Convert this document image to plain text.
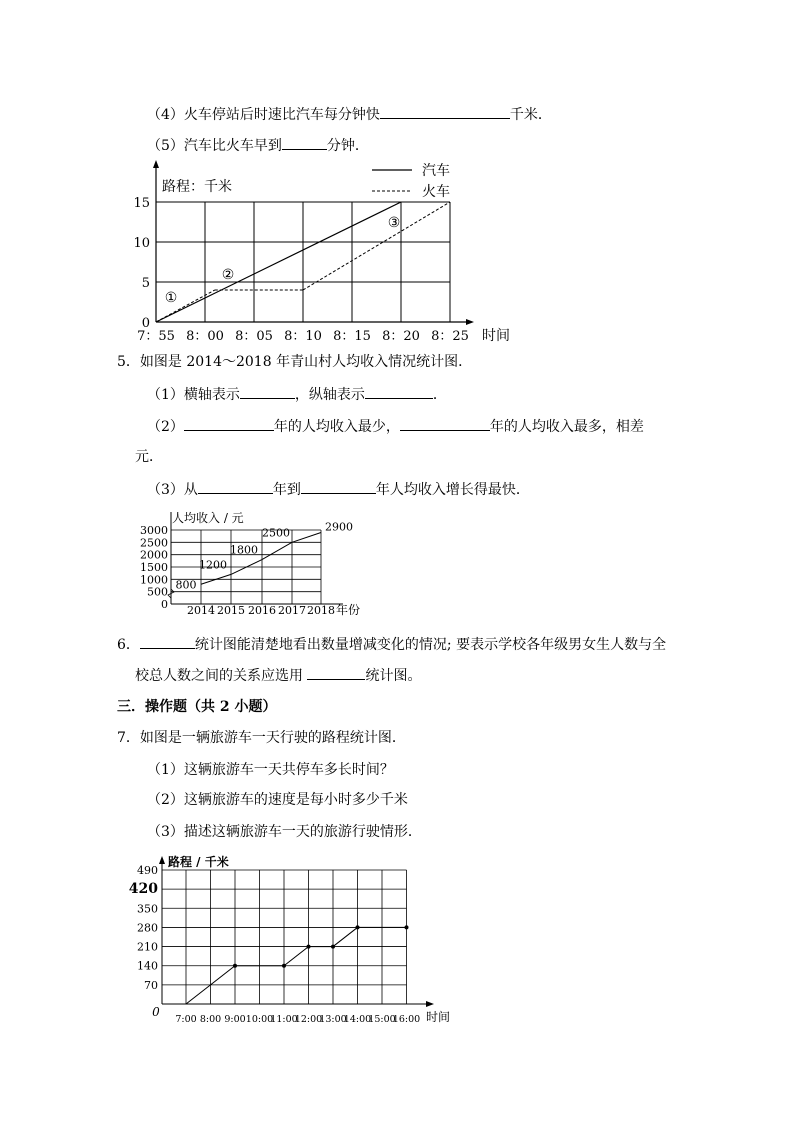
（4）火车停站后时速比汽车每分钟快	千米．
（5）汽车比火车早到	分钟．
路程：千米
时间
0
5
10
15
7：55 8：00 8：05 8：10 8：15 8：20 8：25
汽车
火车
①
②
③
5．如图是 2014～2018 年青山村人均收入情况统计图．
（1）横轴表示	，纵轴表示	．
（2）	年的人均收入最少，	年的人均收入最多，相差
元．
（3）从	年到	年人均收入增长得最快．
人均收入 / 元
年份
0
500
1000
1500
2000
2500
3000
2014 2015 2016 2017 2018
800
1200
1800
2500	2900
6．	统计图能清楚地看出数量增减变化的情况; 要表示学校各年级男女生人数与全
校总人数之间的关系应选用	统计图。
三．操作题（共 2 小题）
7．如图是一辆旅游车一天行驶的路程统计图．
（1）这辆旅游车一天共停车多长时间？
（2）这辆旅游车的速度是每小时多少千米
（3）描述这辆旅游车一天的旅游行驶情形．
路程 / 千米
时间
0
70
140
210
280
350
420
490
7:00 8:00 9:00 10:00
11:00
12:00
13:00
14:00
15:00
16:00
